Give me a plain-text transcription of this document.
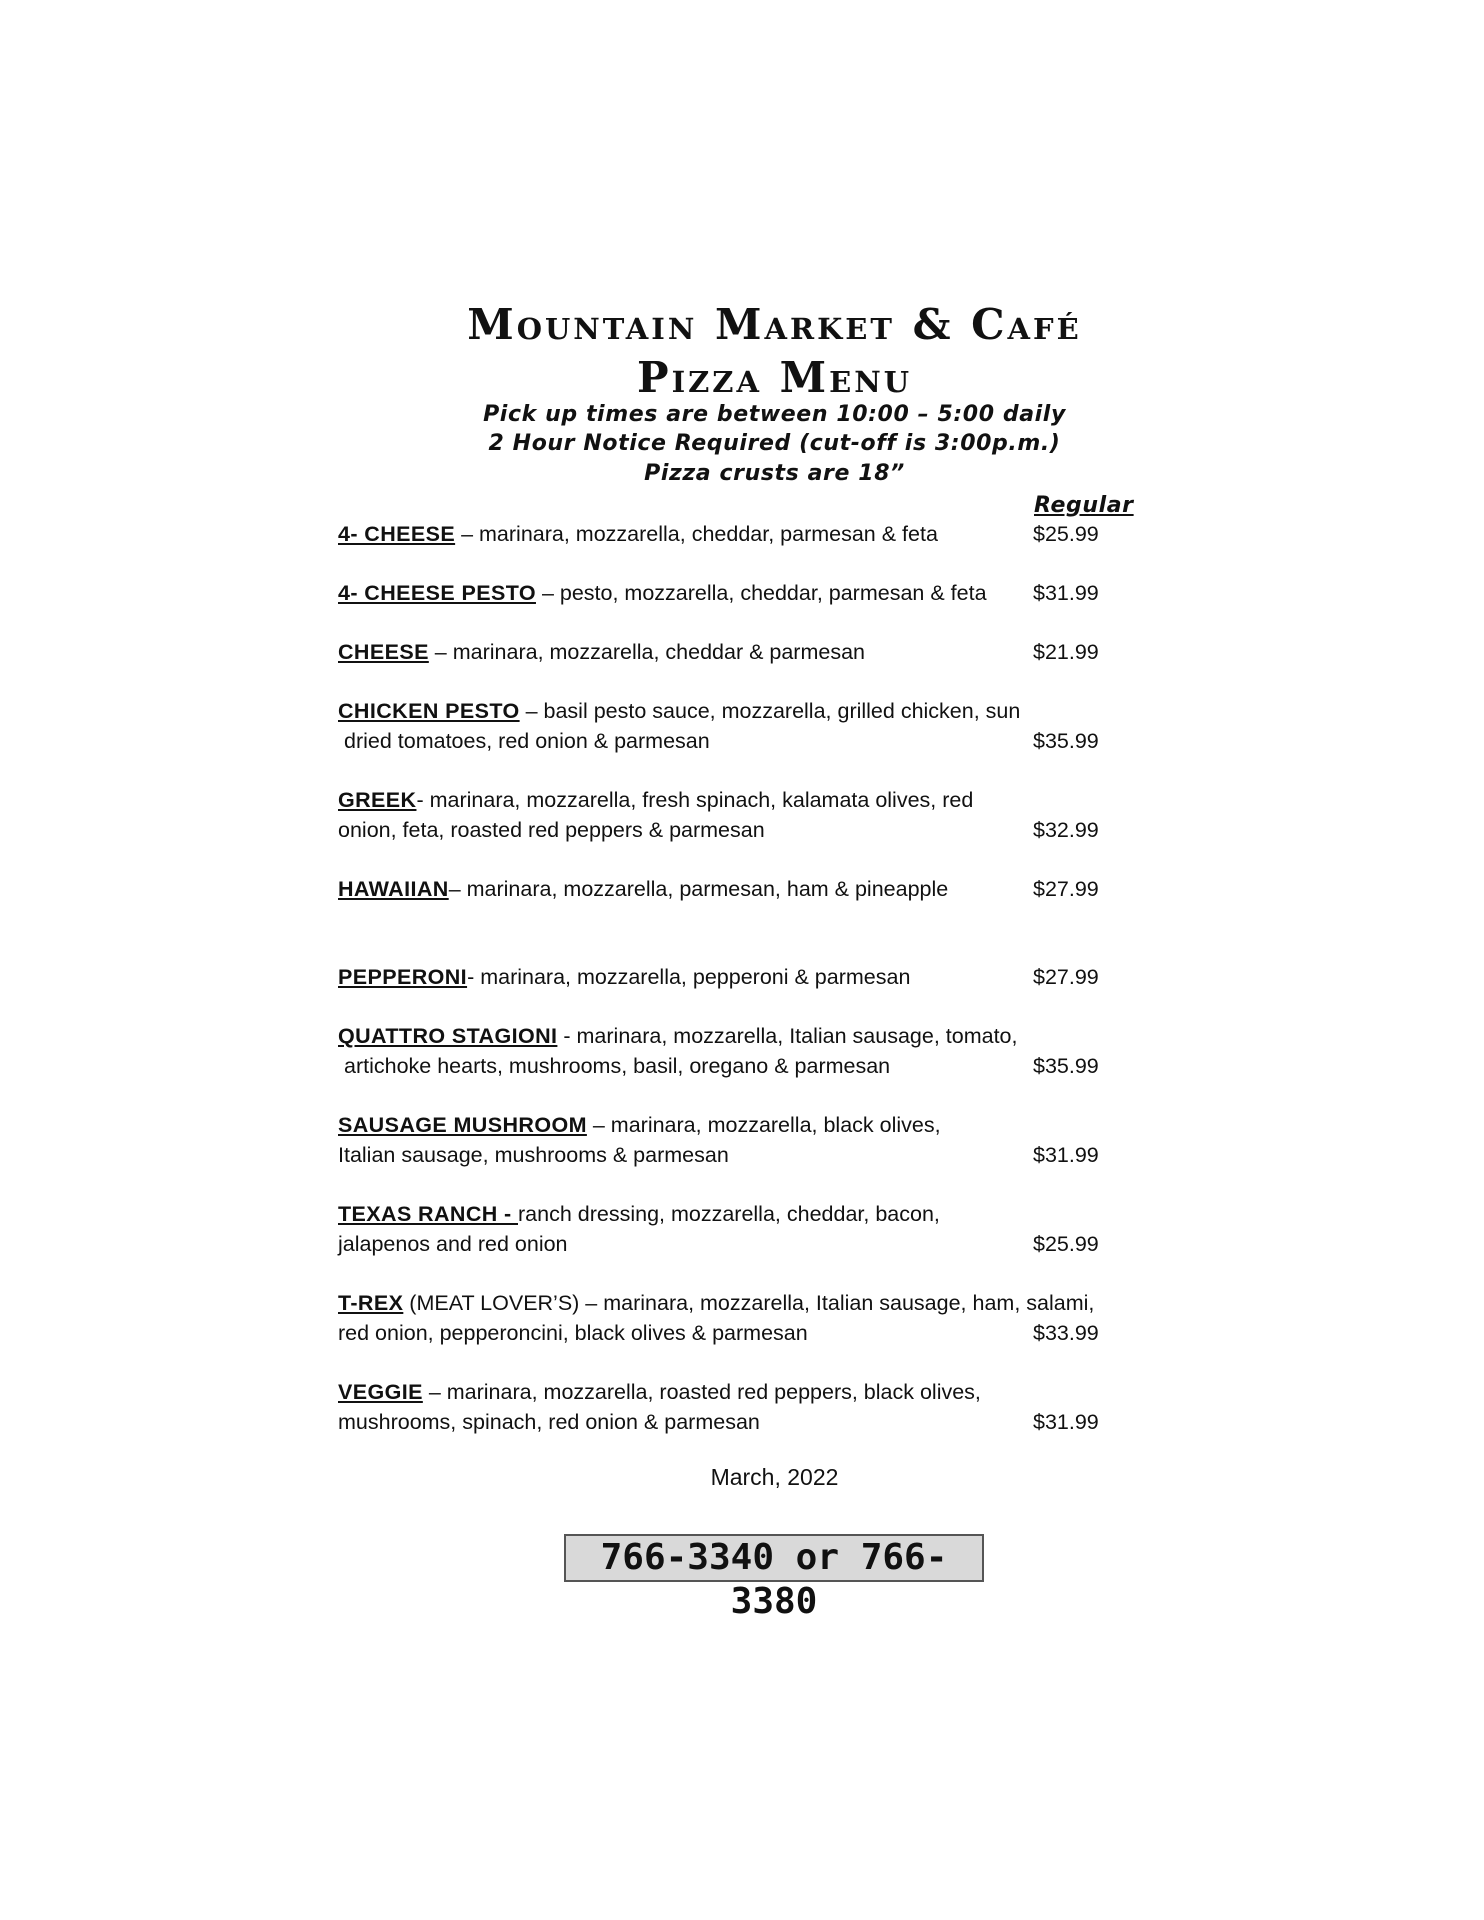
Mountain Market & Café
Pizza Menu

Pick up times are between 10:00 – 5:00 daily

2 Hour Notice Required (cut-off is 3:00p.m.)

Pizza crusts are 18”

Regular
4- CHEESE – marinara, mozzarella, cheddar, parmesan & feta	$25.99
4- CHEESE PESTO – pesto, mozzarella, cheddar, parmesan & feta	$31.99
CHEESE – marinara, mozzarella, cheddar & parmesan	$21.99
CHICKEN PESTO – basil pesto sauce, mozzarella, grilled chicken, sun
dried tomatoes, red onion & parmesan	$35.99
GREEK- marinara, mozzarella, fresh spinach, kalamata olives, red
onion, feta, roasted red peppers & parmesan	$32.99
HAWAIIAN– marinara, mozzarella, parmesan, ham & pineapple	$27.99
PEPPERONI- marinara, mozzarella, pepperoni & parmesan	$27.99
QUATTRO STAGIONI - marinara, mozzarella, Italian sausage, tomato,
artichoke hearts, mushrooms, basil, oregano & parmesan	$35.99
SAUSAGE MUSHROOM – marinara, mozzarella, black olives,
Italian sausage, mushrooms & parmesan	$31.99
TEXAS RANCH - ranch dressing, mozzarella, cheddar, bacon,
jalapenos and red onion	$25.99
T-REX (MEAT LOVER’S) – marinara, mozzarella, Italian sausage, ham, salami,
red onion, pepperoncini, black olives & parmesan	$33.99
VEGGIE – marinara, mozzarella, roasted red peppers, black olives,
mushrooms, spinach, red onion & parmesan	$31.99
March, 2022
766-3340 or 766-3380
